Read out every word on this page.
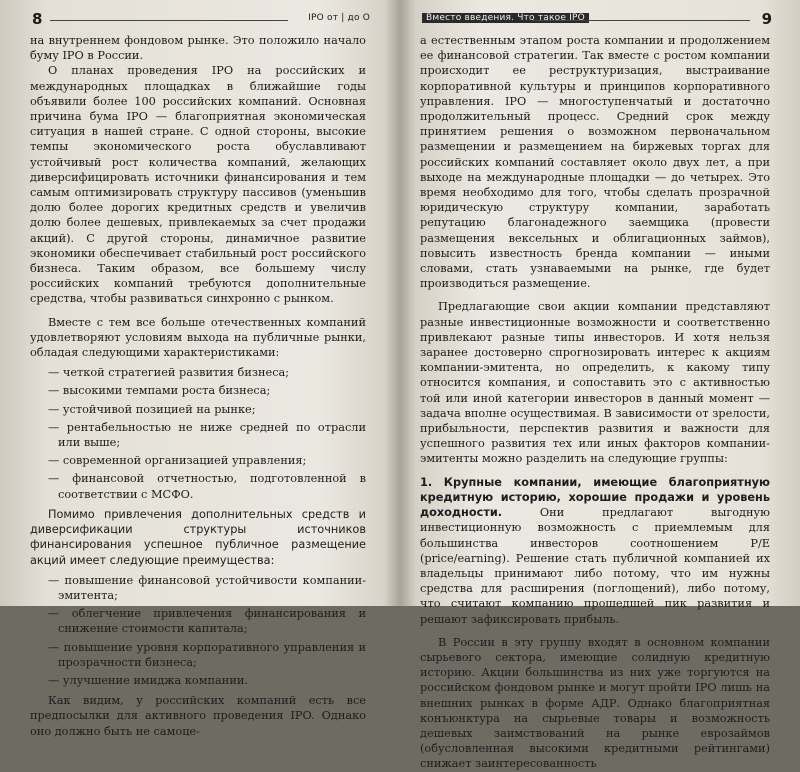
8	IPO от | до О

на внутреннем фондовом рынке. Это положило начало буму IPO в России.

О планах проведения IPO на российских и международных площадках в ближайшие годы объявили более 100 российских компаний. Основная причина бума IPO — благоприятная экономическая ситуация в нашей стране. С одной стороны, высокие темпы экономического роста обуславливают устойчивый рост количества компаний, желающих диверсифицировать источники финансирования и тем самым оптимизировать структуру пассивов (уменьшив долю более дорогих кредитных средств и увеличив долю более дешевых, привлекаемых за счет продажи акций). С другой стороны, динамичное развитие экономики обеспечивает стабильный рост российского бизнеса. Таким образом, все большему числу российских компаний требуются дополнительные средства, чтобы развиваться синхронно с рынком.

Вместе с тем все больше отечественных компаний удовлетворяют условиям выхода на публичные рынки, обладая следующими характеристиками:

— четкой стратегией развития бизнеса;
— высокими темпами роста бизнеса;
— устойчивой позицией на рынке;
— рентабельностью не ниже средней по отрасли или выше;
— современной организацией управления;
— финансовой отчетностью, подготовленной в соответствии с МСФО.

Помимо привлечения дополнительных средств и диверсификации структуры источников финансирования успешное публичное размещение акций имеет следующие преимущества:

— повышение финансовой устойчивости компании-эмитента;
— облегчение привлечения финансирования и снижение стоимости капитала;
— повышение уровня корпоративного управления и прозрачности бизнеса;
— улучшение имиджа компании.

Как видим, у российских компаний есть все предпосылки для активного проведения IPO. Однако оно должно быть не самоце-

Вместо введения. Что такое IPO	9

а естественным этапом роста компании и продолжением ее финансовой стратегии. Так вместе с ростом компании происходит ее реструктуризация, выстраивание корпоративной культуры и принципов корпоративного управления. IPO — многоступенчатый и достаточно продолжительный процесс. Средний срок между принятием решения о возможном первоначальном размещении и размещением на биржевых торгах для российских компаний составляет около двух лет, а при выходе на международные площадки — до четырех. Это время необходимо для того, чтобы сделать прозрачной юридическую структуру компании, заработать репутацию благонадежного заемщика (провести размещения вексельных и облигационных займов), повысить известность бренда компании — иными словами, стать узнаваемыми на рынке, где будет производиться размещение.

Предлагающие свои акции компании представляют разные инвестиционные возможности и соответственно привлекают разные типы инвесторов. И хотя нельзя заранее достоверно спрогнозировать интерес к акциям компании-эмитента, но определить, к какому типу относится компания, и сопоставить это с активностью той или иной категории инвесторов в данный момент — задача вполне осуществимая. В зависимости от зрелости, прибыльности, перспектив развития и важности для успешного развития тех или иных факторов компании-эмитенты можно разделить на следующие группы:

1. Крупные компании, имеющие благоприятную кредитную историю, хорошие продажи и уровень доходности.	Они предлагают выгодную инвестиционную возможность с приемлемым для большинства инвесторов соотношением P/E (price/earning). Решение стать публичной компанией их владельцы принимают либо потому, что им нужны средства для расширения (поглощений), либо потому, что считают компанию прошедшей пик развития и решают зафиксировать прибыль.

В России в эту группу входят в основном компании сырьевого сектора, имеющие солидную кредитную историю. Акции большинства из них уже торгуются на российском фондовом рынке и могут пройти IPO лишь на внешних рынках в форме АДР. Однако благоприятная конъюнктура на сырьевые товары и возможность дешевых заимствований на рынке еврозаймов (обусловленная высокими кредитными рейтингами) снижает заинтересованность
